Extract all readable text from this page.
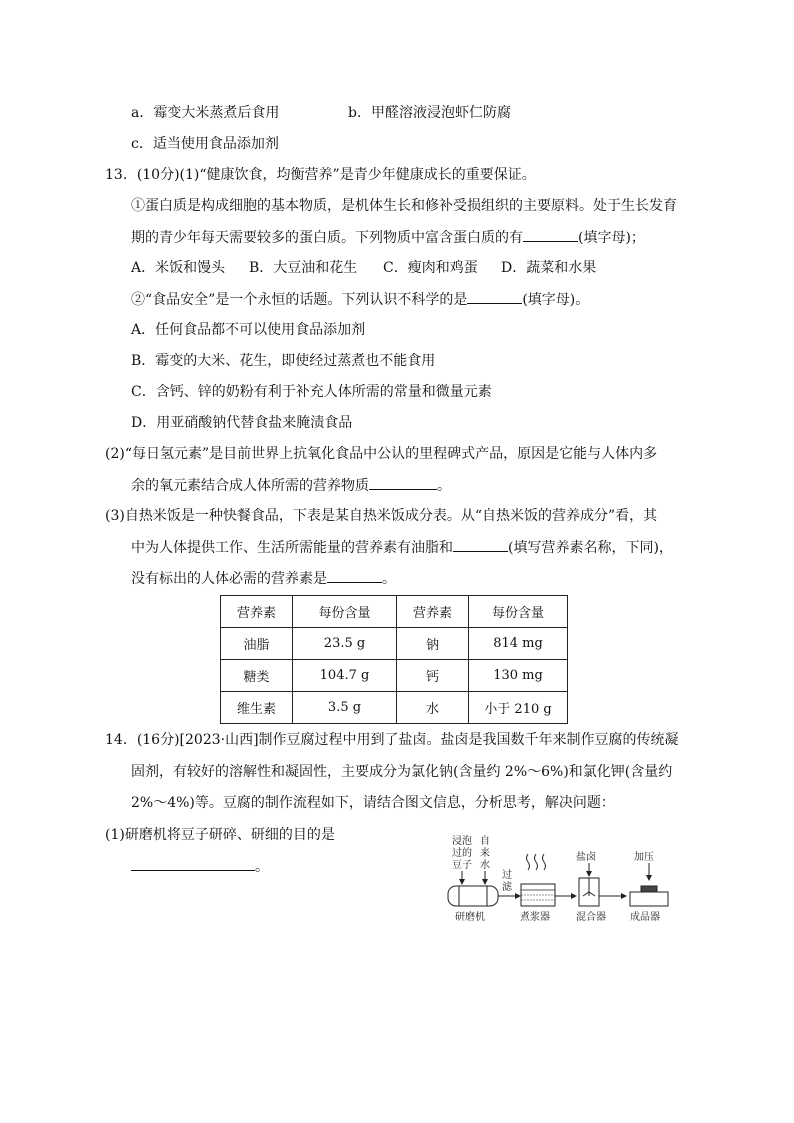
a．霉变大米蒸煮后食用	b．甲醛溶液浸泡虾仁防腐
c．适当使用食品添加剂
13．(10分)(1)“健康饮食，均衡营养”是青少年健康成长的重要保证。
①蛋白质是构成细胞的基本物质，是机体生长和修补受损组织的主要原料。处于生长发育
期的青少年每天需要较多的蛋白质。下列物质中富含蛋白质的有	(填字母)；
A．米饭和馒头 B．大豆油和花生 C．瘦肉和鸡蛋 D．蔬菜和水果
②“食品安全”是一个永恒的话题。下列认识不科学的是	(填字母)。
A．任何食品都不可以使用食品添加剂
B．霉变的大米、花生，即使经过蒸煮也不能食用
C．含钙、锌的奶粉有利于补充人体所需的常量和微量元素
D．用亚硝酸钠代替食盐来腌渍食品
(2)“每日氢元素”是目前世界上抗氧化食品中公认的里程碑式产品，原因是它能与人体内多
余的氧元素结合成人体所需的营养物质	。
(3)自热米饭是一种快餐食品，下表是某自热米饭成分表。从“自热米饭的营养成分”看，其
中为人体提供工作、生活所需能量的营养素有油脂和	(填写营养素名称，下同)，
没有标出的人体必需的营养素是	。
营养素	每份含量	营养素	每份含量
油脂	23.5 g	钠	814 mg
糖类	104.7 g	钙	130 mg
维生素	3.5 g	水	小于 210 g
14．(16分)[2023·山西]制作豆腐过程中用到了盐卤。盐卤是我国数千年来制作豆腐的传统凝
固剂，有较好的溶解性和凝固性，主要成分为氯化钠(含量约 2%～6%)和氯化钾(含量约
2%～4%)等。豆腐的制作流程如下，请结合图文信息，分析思考，解决问题：
(1)研磨机将豆子研碎、研细的目的是
。
浸泡
过的
豆子
自
来
水
研磨机
过
滤
煮浆器
盐卤
混合器
加压
成品器
